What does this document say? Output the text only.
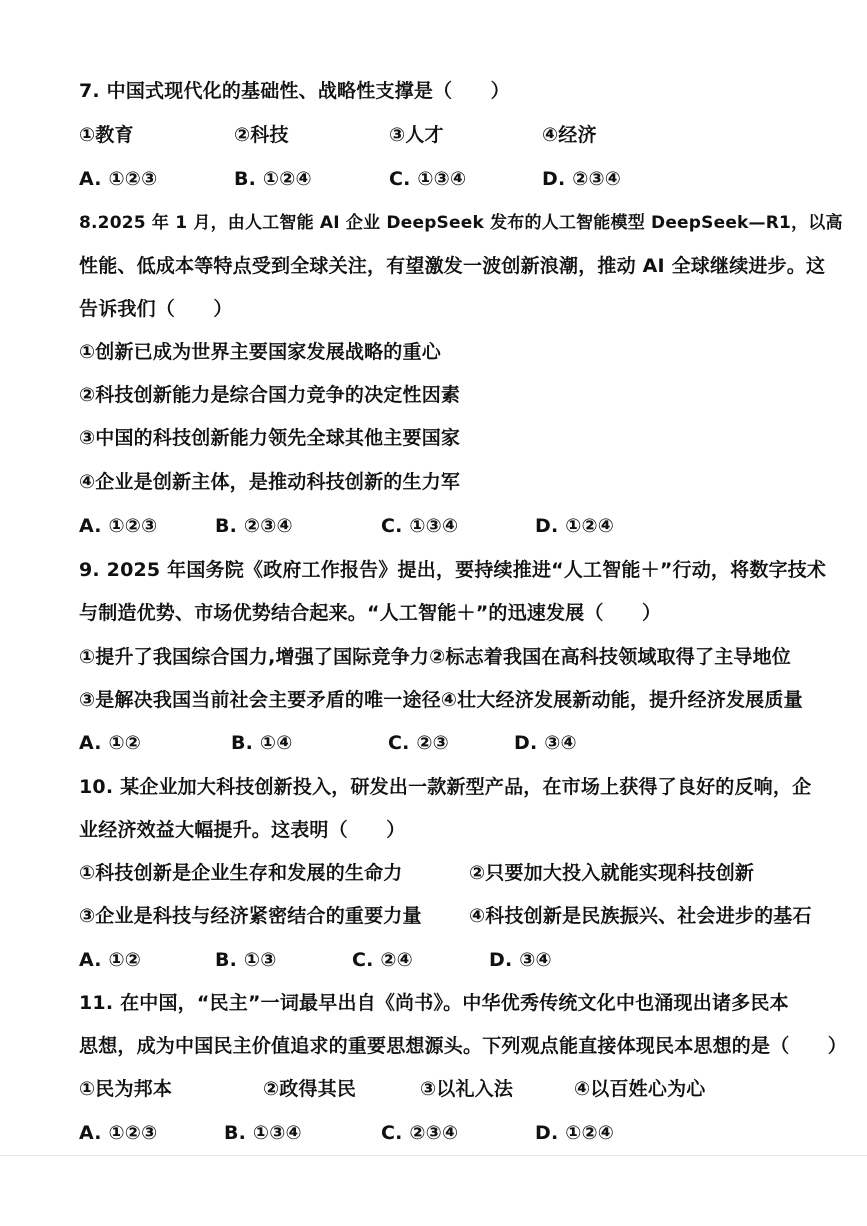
7. 中国式现代化的基础性、战略性支撑是（　　）
①教育	②科技	③人才	④经济
A. ①②③	B. ①②④	C. ①③④	D. ②③④
8.2025 年 1 月，由人工智能 AI 企业 DeepSeek 发布的人工智能模型 DeepSeek—R1，以高
性能、低成本等特点受到全球关注，有望激发一波创新浪潮，推动 AI 全球继续进步。这
告诉我们（　　）
①创新已成为世界主要国家发展战略的重心
②科技创新能力是综合国力竞争的决定性因素
③中国的科技创新能力领先全球其他主要国家
④企业是创新主体，是推动科技创新的生力军
A. ①②③	B. ②③④	C. ①③④	D. ①②④
9. 2025 年国务院《政府工作报告》提出，要持续推进“人工智能＋”行动，将数字技术
与制造优势、市场优势结合起来。“人工智能＋”的迅速发展（　　）
①提升了我国综合国力,增强了国际竞争力②标志着我国在高科技领域取得了主导地位
③是解决我国当前社会主要矛盾的唯一途径④壮大经济发展新动能，提升经济发展质量
A. ①②	B. ①④	C. ②③	D. ③④
10. 某企业加大科技创新投入，研发出一款新型产品，在市场上获得了良好的反响，企
业经济效益大幅提升。这表明（　　）
①科技创新是企业生存和发展的生命力	②只要加大投入就能实现科技创新
③企业是科技与经济紧密结合的重要力量 ④科技创新是民族振兴、社会进步的基石
A. ①②	B. ①③	C. ②④	D. ③④
11. 在中国，“民主”一词最早出自《尚书》。中华优秀传统文化中也涌现出诸多民本
思想，成为中国民主价值追求的重要思想源头。下列观点能直接体现民本思想的是（　　）
①民为邦本	②政得其民	③以礼入法	④以百姓心为心
A. ①②③	B. ①③④	C. ②③④	D. ①②④
